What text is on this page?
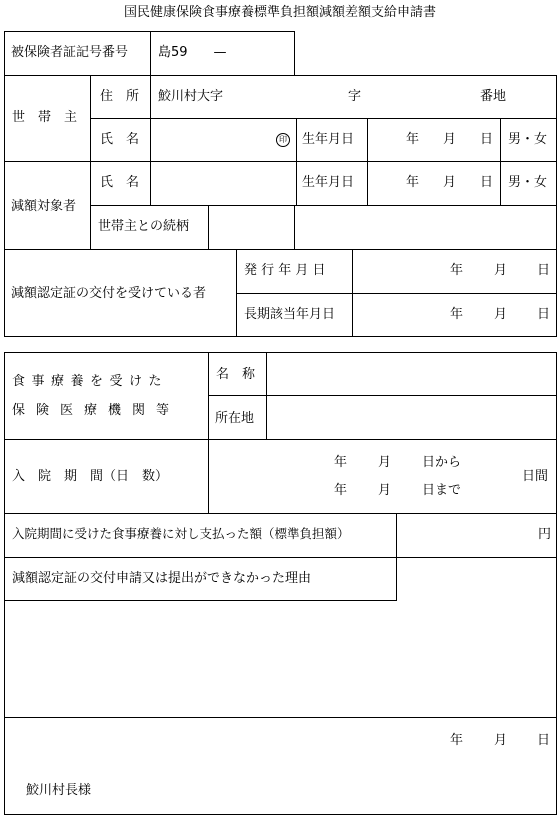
国民健康保険食事療養標準負担額減額差額支給申請書
被保険者証記号番号 島59　　—
世　帯　主
住　所 鮫川村大字	字	番地
氏　名	印 生年月日	年 月 日 男・女
減額対象者
氏　名	生年月日	年 月 日 男・女
世帯主との続柄
減額認定証の交付を受けている者
発 行 年 月 日	年 月 日
長期該当年月日	年 月 日
食事療養を受けた
保険医療機関等
名　称
所在地
入　院　期　間（日　数）
年 月 日から
年 月 日まで
日間
入院期間に受けた食事療養に対し支払った額（標準負担額）	円
減額認定証の交付申請又は提出ができなかった理由
年 月 日
鮫川村長様
